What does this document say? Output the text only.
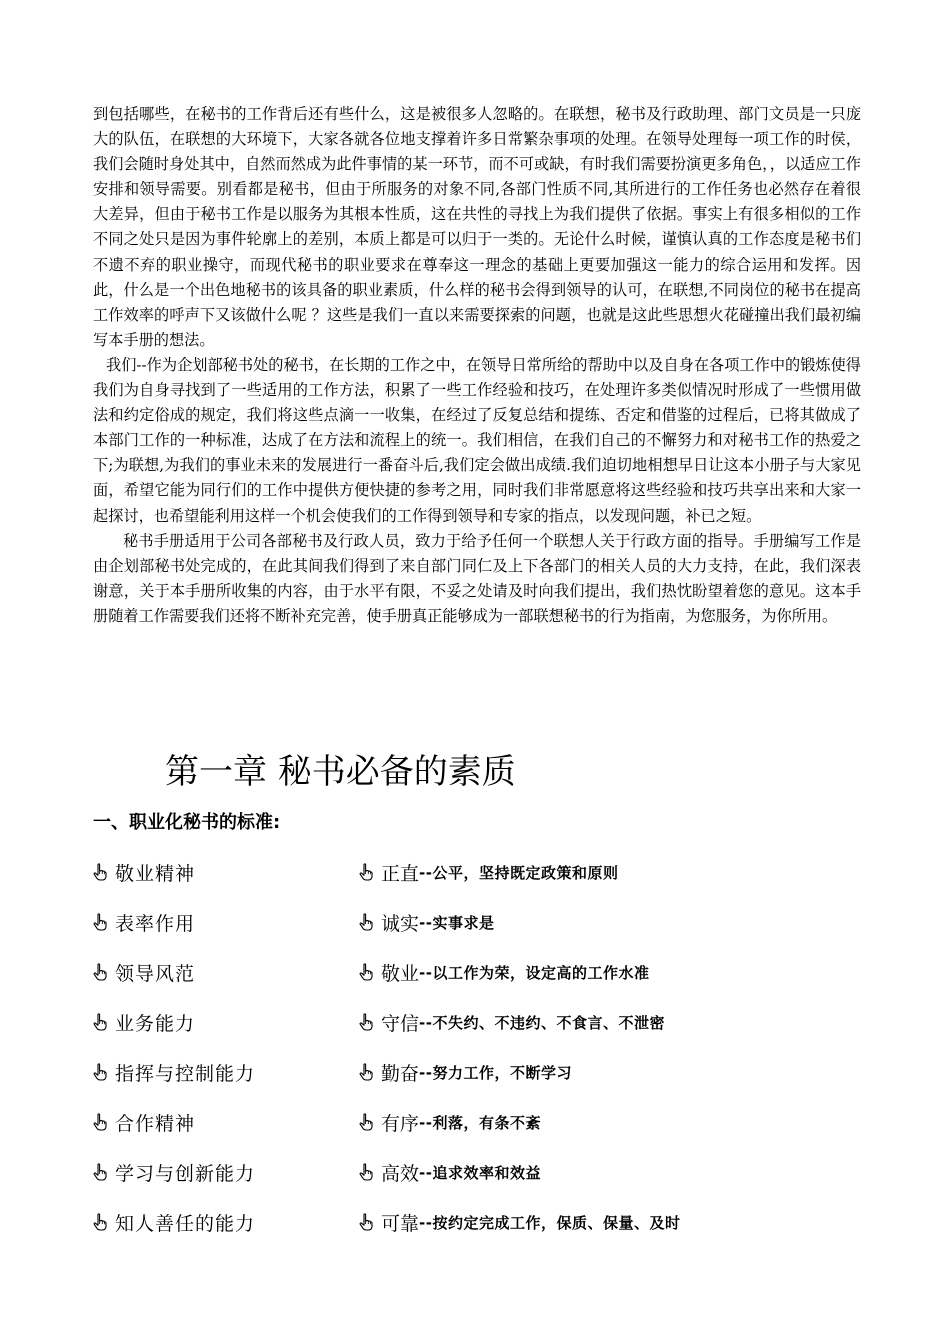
到包括哪些，在秘书的工作背后还有些什么，这是被很多人忽略的。在联想，秘书及行政助理、部门文员是一只庞大的队伍，在联想的大环境下，大家各就各位地支撑着许多日常繁杂事项的处理。在领导处理每一项工作的时侯，我们会随时身处其中，自然而然成为此件事情的某一环节，而不可或缺，有时我们需要扮演更多角色，，以适应工作安排和领导需要。别看都是秘书，但由于所服务的对象不同,各部门性质不同,其所进行的工作任务也必然存在着很大差异，但由于秘书工作是以服务为其根本性质，这在共性的寻找上为我们提供了依据。事实上有很多相似的工作不同之处只是因为事件轮廓上的差别，本质上都是可以归于一类的。无论什么时候，谨慎认真的工作态度是秘书们不遗不弃的职业操守，而现代秘书的职业要求在尊奉这一理念的基础上更要加强这一能力的综合运用和发挥。因此，什么是一个出色地秘书的该具备的职业素质，什么样的秘书会得到领导的认可，在联想,不同岗位的秘书在提高工作效率的呼声下又该做什么呢 ？这些是我们一直以来需要探索的问题，也就是这此些思想火花碰撞出我们最初编写本手册的想法。

我们--作为企划部秘书处的秘书，在长期的工作之中，在领导日常所给的帮助中以及自身在各项工作中的锻炼使得我们为自身寻找到了一些适用的工作方法，积累了一些工作经验和技巧，在处理许多类似情况时形成了一些惯用做法和约定俗成的规定，我们将这些点滴一一收集，在经过了反复总结和提练、否定和借鉴的过程后，已将其做成了本部门工作的一种标准，达成了在方法和流程上的统一。我们相信，在我们自己的不懈努力和对秘书工作的热爱之下;为联想,为我们的事业未来的发展进行一番奋斗后,我们定会做出成绩.我们迫切地相想早日让这本小册子与大家见面，希望它能为同行们的工作中提供方便快捷的参考之用，同时我们非常愿意将这些经验和技巧共享出来和大家一起探讨，也希望能利用这样一个机会使我们的工作得到领导和专家的指点，以发现问题，补已之短。

秘书手册适用于公司各部秘书及行政人员，致力于给予任何一个联想人关于行政方面的指导。手册编写工作是由企划部秘书处完成的，在此其间我们得到了来自部门同仁及上下各部门的相关人员的大力支持，在此，我们深表谢意，关于本手册所收集的内容，由于水平有限，不妥之处请及时向我们提出，我们热忱盼望着您的意见。这本手册随着工作需要我们还将不断补充完善，使手册真正能够成为一部联想秘书的行为指南，为您服务，为你所用。

第一章 秘书必备的素质
一、职业化秘书的标准:
敬业精神	正直 --公平，坚持既定政策和原则
表率作用	诚实 --实事求是
领导风范	敬业 --以工作为荣，设定高的工作水准
业务能力	守信 --不失约、不违约、不食言、不泄密
指挥与控制能力	勤奋 --努力工作，不断学习
合作精神	有序 --利落，有条不紊
学习与创新能力	高效 --追求效率和效益
知人善任的能力	可靠 --按约定完成工作，保质、保量、及时
